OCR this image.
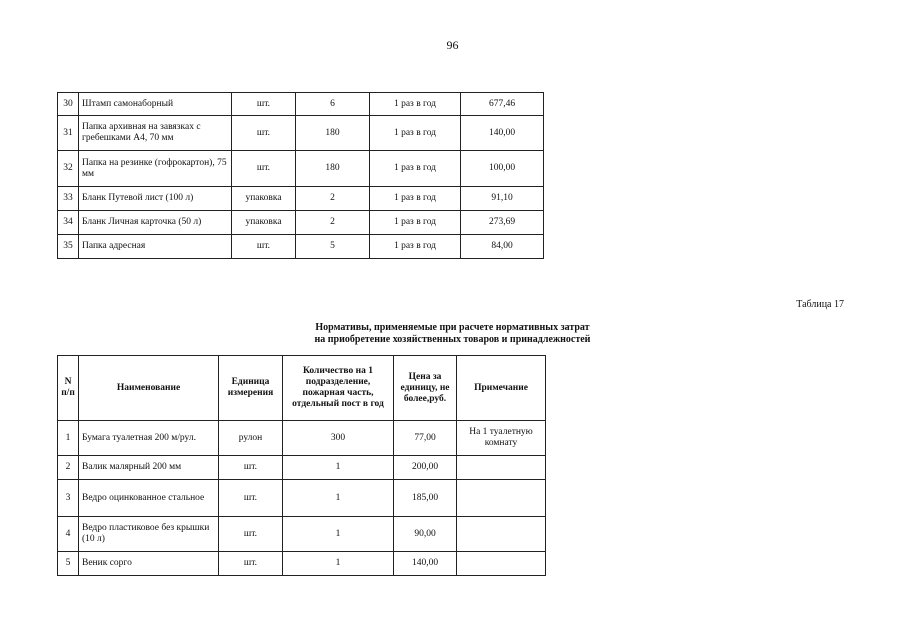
96
30	Штамп самонаборный	шт.	6	1 раз в год	677,46
31	Папка архивная на завязках с гребешками А4, 70 мм	шт.	180	1 раз в год	140,00
32	Папка на резинке (гофрокартон), 75 мм	шт.	180	1 раз в год	100,00
33	Бланк Путевой лист (100 л)	упаковка	2	1 раз в год	91,10
34	Бланк Личная карточка (50 л)	упаковка	2	1 раз в год	273,69
35	Папка адресная	шт.	5	1 раз в год	84,00
Таблица 17
Нормативы, применяемые при расчете нормативных затрат
на приобретение хозяйственных товаров и принадлежностей
N п/п	Наименование	Единица измерения	Количество на 1 подразделение, пожарная часть, отдельный пост в год	Цена за единицу, не более,руб.	Примечание
1	Бумага туалетная 200 м/рул.	рулон	300	77,00	На 1 туалетную комнату
2	Валик малярный 200 мм	шт.	1	200,00	
3	Ведро оцинкованное стальное	шт.	1	185,00	
4	Ведро пластиковое без крышки (10 л)	шт.	1	90,00	
5	Веник сорго	шт.	1	140,00	
